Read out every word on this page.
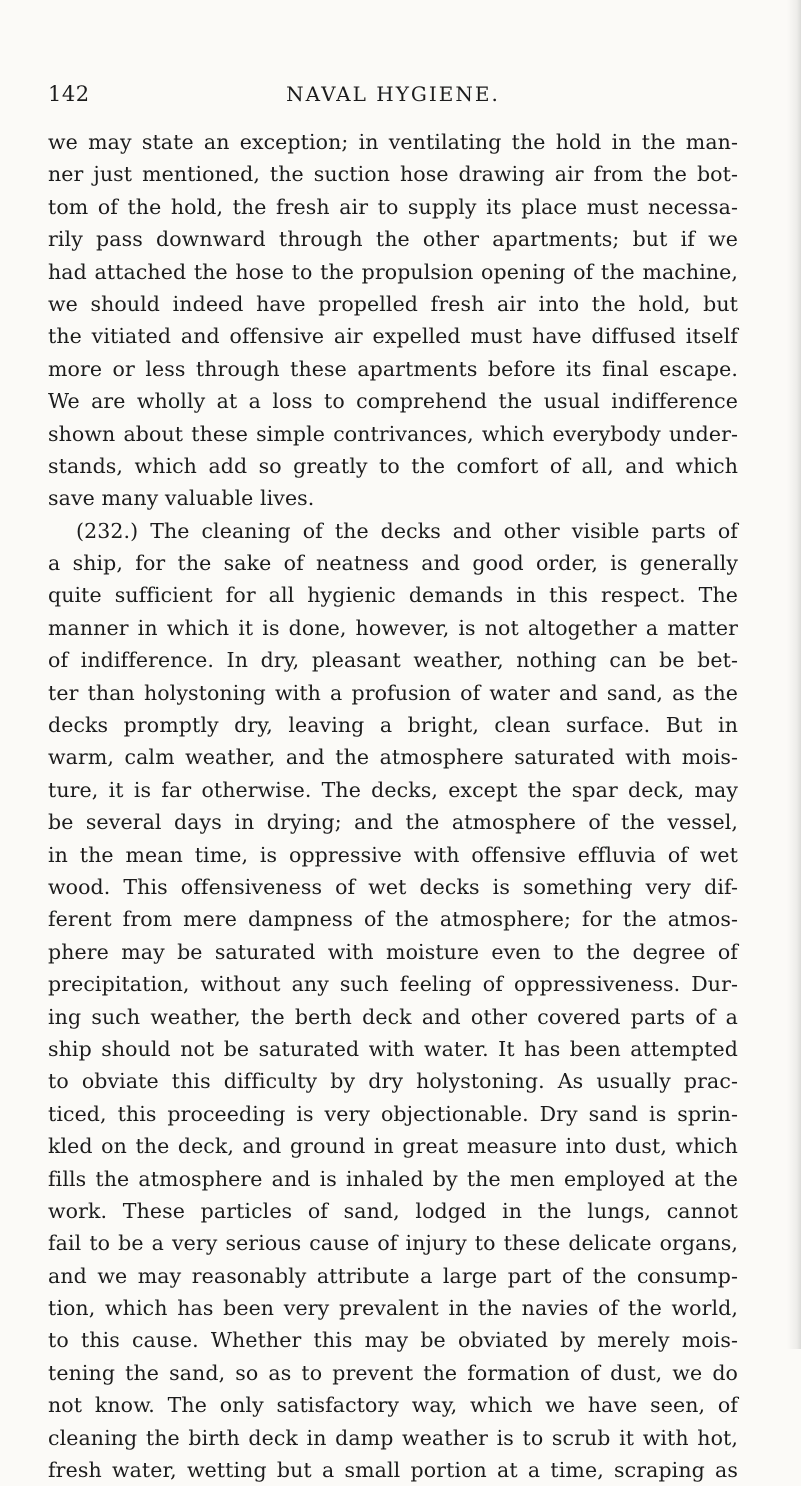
142	NAVAL HYGIENE.
we may state an exception; in ventilating the hold in the man-
ner just mentioned, the suction hose drawing air from the bot-
tom of the hold, the fresh air to supply its place must necessa-
rily pass downward through the other apartments; but if we
had attached the hose to the propulsion opening of the machine,
we should indeed have propelled fresh air into the hold, but
the vitiated and offensive air expelled must have diffused itself
more or less through these apartments before its final escape.
We are wholly at a loss to comprehend the usual indifference
shown about these simple contrivances, which everybody under-
stands, which add so greatly to the comfort of all, and which
save many valuable lives.
(232.) The cleaning of the decks and other visible parts of
a ship, for the sake of neatness and good order, is generally
quite sufficient for all hygienic demands in this respect. The
manner in which it is done, however, is not altogether a matter
of indifference. In dry, pleasant weather, nothing can be bet-
ter than holystoning with a profusion of water and sand, as the
decks promptly dry, leaving a bright, clean surface. But in
warm, calm weather, and the atmosphere saturated with mois-
ture, it is far otherwise. The decks, except the spar deck, may
be several days in drying; and the atmosphere of the vessel,
in the mean time, is oppressive with offensive effluvia of wet
wood. This offensiveness of wet decks is something very dif-
ferent from mere dampness of the atmosphere; for the atmos-
phere may be saturated with moisture even to the degree of
precipitation, without any such feeling of oppressiveness. Dur-
ing such weather, the berth deck and other covered parts of a
ship should not be saturated with water. It has been attempted
to obviate this difficulty by dry holystoning. As usually prac-
ticed, this proceeding is very objectionable. Dry sand is sprin-
kled on the deck, and ground in great measure into dust, which
fills the atmosphere and is inhaled by the men employed at the
work. These particles of sand, lodged in the lungs, cannot
fail to be a very serious cause of injury to these delicate organs,
and we may reasonably attribute a large part of the consump-
tion, which has been very prevalent in the navies of the world,
to this cause. Whether this may be obviated by merely mois-
tening the sand, so as to prevent the formation of dust, we do
not know. The only satisfactory way, which we have seen, of
cleaning the birth deck in damp weather is to scrub it with hot,
fresh water, wetting but a small portion at a time, scraping as
